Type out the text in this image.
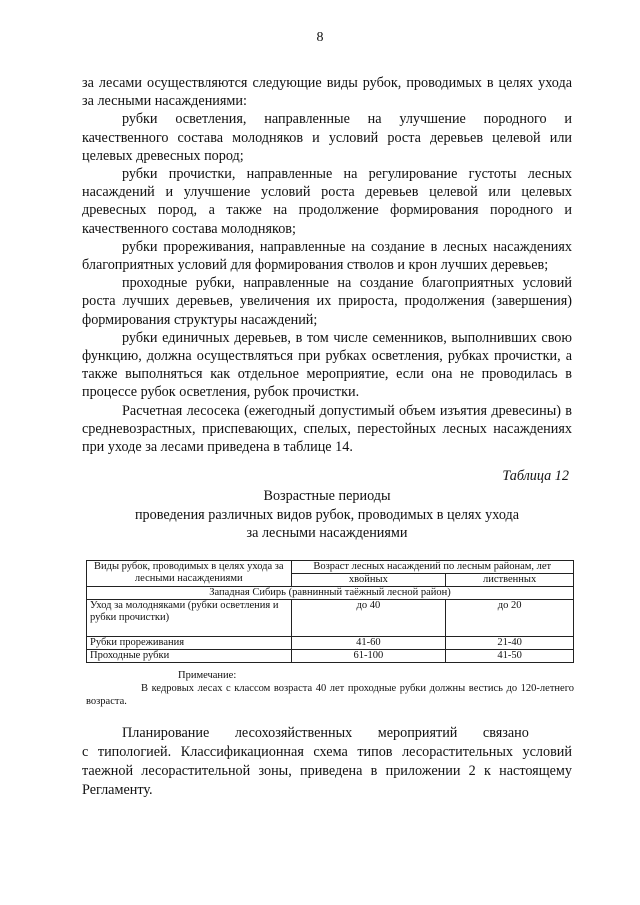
8

за лесами осуществляются следующие виды рубок, проводимых в целях ухода за лесными насаждениями:

рубки осветления, направленные на улучшение породного и качественного состава молодняков и условий роста деревьев целевой или целевых древесных пород;

рубки прочистки, направленные на регулирование густоты лесных насаждений и улучшение условий роста деревьев целевой или целевых древесных пород, а также на продолжение формирования породного и качественного состава молодняков;

рубки прореживания, направленные на создание в лесных насаждениях благоприятных условий для формирования стволов и крон лучших деревьев;

проходные рубки, направленные на создание благоприятных условий роста лучших деревьев, увеличения их прироста, продолжения (завершения) формирования структуры насаждений;

рубки единичных деревьев, в том числе семенников, выполнивших свою функцию, должна осуществляться при рубках осветления, рубках прочистки, а также выполняться как отдельное мероприятие, если она не проводилась в процессе рубок осветления, рубок прочистки.

Расчетная лесосека (ежегодный допустимый объем изъятия древесины) в средневозрастных, приспевающих, спелых, перестойных лесных насаждениях при уходе за лесами приведена в таблице 14.

Таблица 12
Возрастные периоды
проведения различных видов рубок, проводимых в целях ухода
за лесными насаждениями
Виды рубок, проводимых в целях ухода за лесными насаждениями	Возраст лесных насаждений по лесным районам, лет	
	хвойных	лиственных
Западная Сибирь (равнинный таёжный лесной район)		
Уход за молодняками (рубки осветления и рубки прочистки)	до 40	до 20
Рубки прореживания	41-60	21-40
Проходные рубки	61-100	41-50

Примечание:

В кедровых лесах с классом возраста 40 лет проходные рубки должны вестись до 120-летнего возраста.

Планирование лесохозяйственных мероприятий связано

с типологией. Классификационная схема типов лесорастительных условий таежной лесорастительной зоны, приведена в приложении 2 к настоящему Регламенту.
